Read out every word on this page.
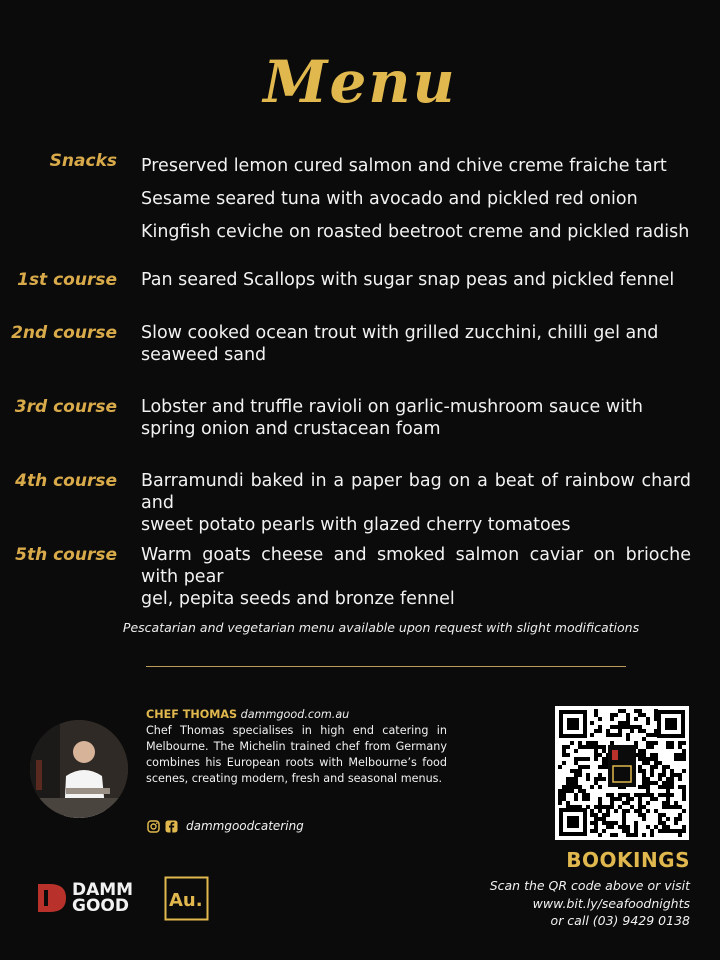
Menu
Snacks Preserved lemon cured salmon and chive creme fraiche tart
Sesame seared tuna with avocado and pickled red onion
Kingfish ceviche on roasted beetroot creme and pickled radish
1st course Pan seared Scallops with sugar snap peas and pickled fennel
2nd course Slow cooked ocean trout with grilled zucchini, chilli gel and
seaweed sand
3rd course Lobster and truffle ravioli on garlic-mushroom sauce with
spring onion and crustacean foam
4th course Barramundi baked in a paper bag on a beat of rainbow chard and
sweet potato pearls with glazed cherry tomatoes
5th course Warm goats cheese and smoked salmon caviar on brioche with pear
gel, pepita seeds and bronze fennel
Pescatarian and vegetarian menu available upon request with slight modifications
CHEF THOMAS dammgood.com.au
Chef Thomas specialises in high end catering in Melbourne. The Michelin trained chef from Germany combines his European roots with Melbourne’s food scenes, creating modern, fresh and seasonal menus.
dammgoodcatering
DAMM
GOOD Au.
BOOKINGS
Scan the QR code above or visit
www.bit.ly/seafoodnights
or call (03) 9429 0138
